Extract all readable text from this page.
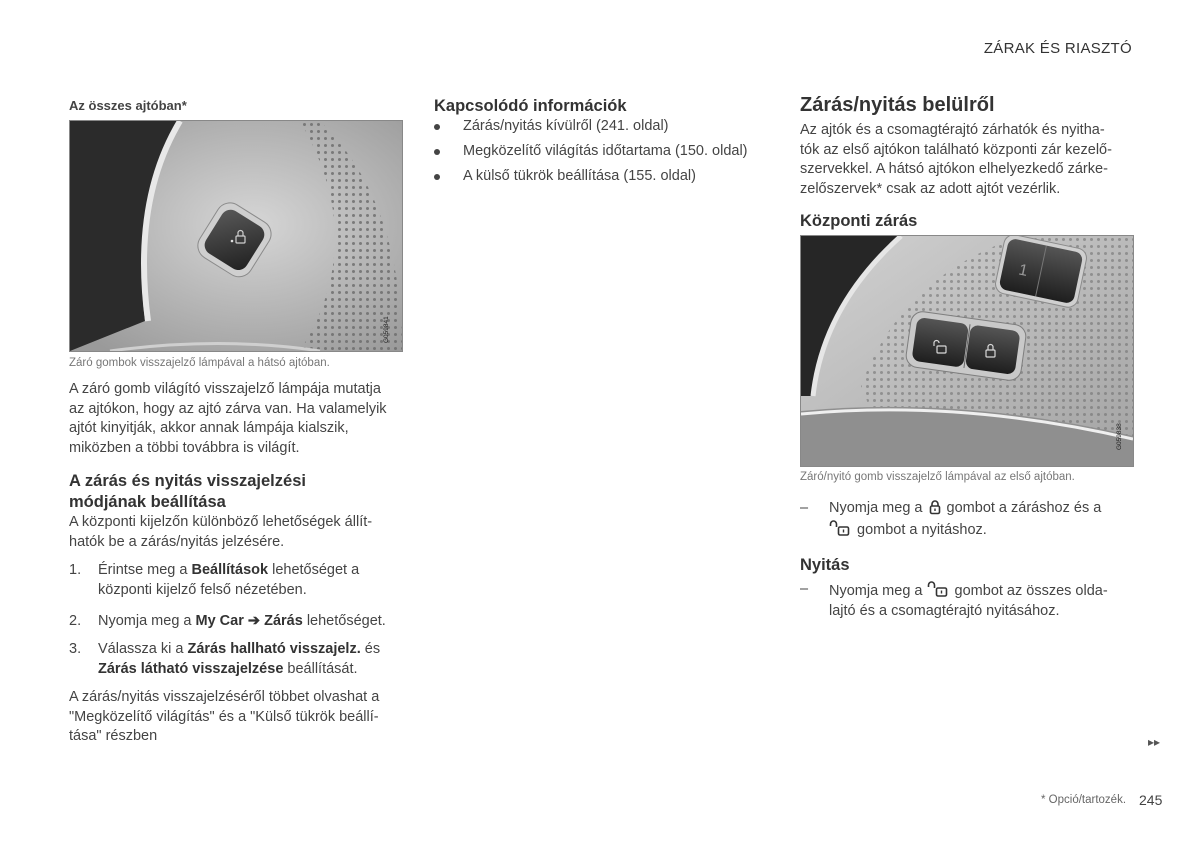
ZÁRAK ÉS RIASZTÓ
Az összes ajtóban*
G059841
Záró gombok visszajelző lámpával a hátsó ajtóban.
A záró gomb világító visszajelző lámpája mutatja
az ajtókon, hogy az ajtó zárva van. Ha valamelyik
ajtót kinyitják, akkor annak lámpája kialszik,
miközben a többi továbbra is világít.
A zárás és nyitás visszajelzési
módjának beállítása
A központi kijelzőn különböző lehetőségek állít-
hatók be a zárás/nyitás jelzésére.
1.	Érintse meg a Beállítások lehetőséget a
központi kijelző felső nézetében.
2.	Nyomja meg a My Car ➔ Zárás lehetőséget.
3.	Válassza ki a Zárás hallható visszajelz. és
Zárás látható visszajelzése beállítását.
A zárás/nyitás visszajelzéséről többet olvashat a
"Megközelítő világítás" és a "Külső tükrök beállí-
tása" részben
Kapcsolódó információk
Zárás/nyitás kívülről (241. oldal)
Megközelítő világítás időtartama (150. oldal)
A külső tükrök beállítása (155. oldal)
Zárás/nyitás belülről
Az ajtók és a csomagtérajtó zárhatók és nyitha-
tók az első ajtókon található központi zár kezelő-
szervekkel. A hátsó ajtókon elhelyezkedő zárke-
zelőszervek* csak az adott ajtót vezérlik.
Központi zárás
1
G059838
Záró/nyitó gomb visszajelző lámpával az első ajtóban.
–	Nyomja meg a  gombot a záráshoz és a
gombot a nyitáshoz.
Nyitás
–	Nyomja meg a  gombot az összes olda-
lajtó és a csomagtérajtó nyitásához.
▸▸
* Opció/tartozék. 245
